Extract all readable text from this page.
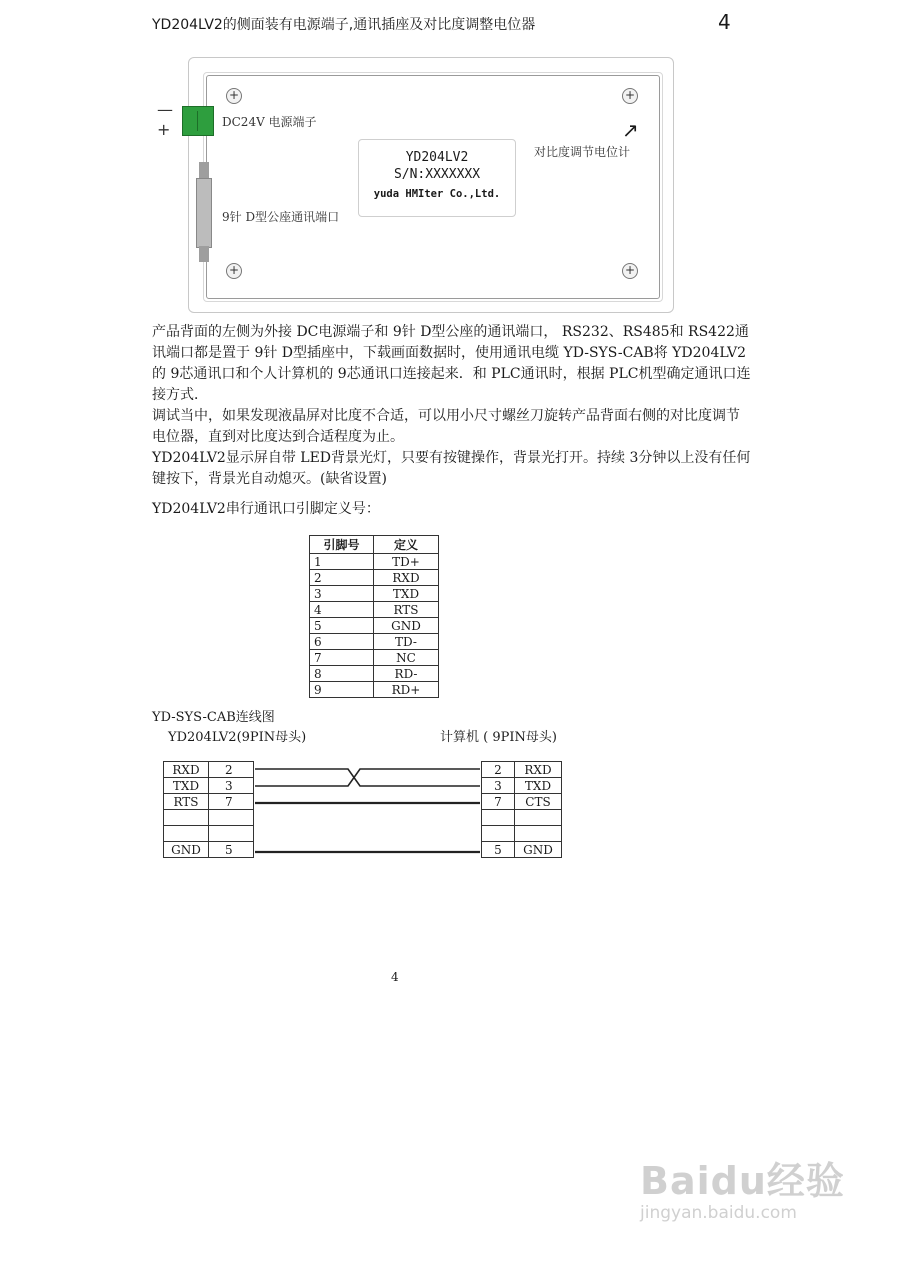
YD204LV2的侧面装有电源端子,通讯插座及对比度调整电位器	4
+	+
+	+
—
+	DC24V 电源端子
9针 D型公座通讯端口
YD204LV2
S/N:XXXXXXX
yuda HMIter Co.,Ltd.
对比度调节电位计
↗

产品背面的左侧为外接 DC电源端子和 9针 D型公座的通讯端口， RS232、RS485和 RS422通讯端口都是置于 9针 D型插座中，下载画面数据时，使用通讯电缆 YD-SYS-CAB将 YD204LV2的 9芯通讯口和个人计算机的 9芯通讯口连接起来．和 PLC通讯时，根据 PLC机型确定通讯口连接方式．

调试当中，如果发现液晶屏对比度不合适，可以用小尺寸螺丝刀旋转产品背面右侧的对比度调节电位器，直到对比度达到合适程度为止。

YD204LV2显示屏自带 LED背景光灯，只要有按键操作，背景光打开。持续 3分钟以上没有任何键按下，背景光自动熄灭。(缺省设置)

YD204LV2串行通讯口引脚定义号：
引脚号	定义
1	TD+
2	RXD
3	TXD
4	RTS
5	GND
6	TD-
7	NC
8	RD-
9	RD+
YD-SYS-CAB连线图
YD204LV2(9PIN母头)	计算机 ( 9PIN母头)
RXD	2
TXD	3
RTS	7

GND	5
2	RXD
3	TXD
7	CTS

5	GND
4
Baidu经验
jingyan.baidu.com
